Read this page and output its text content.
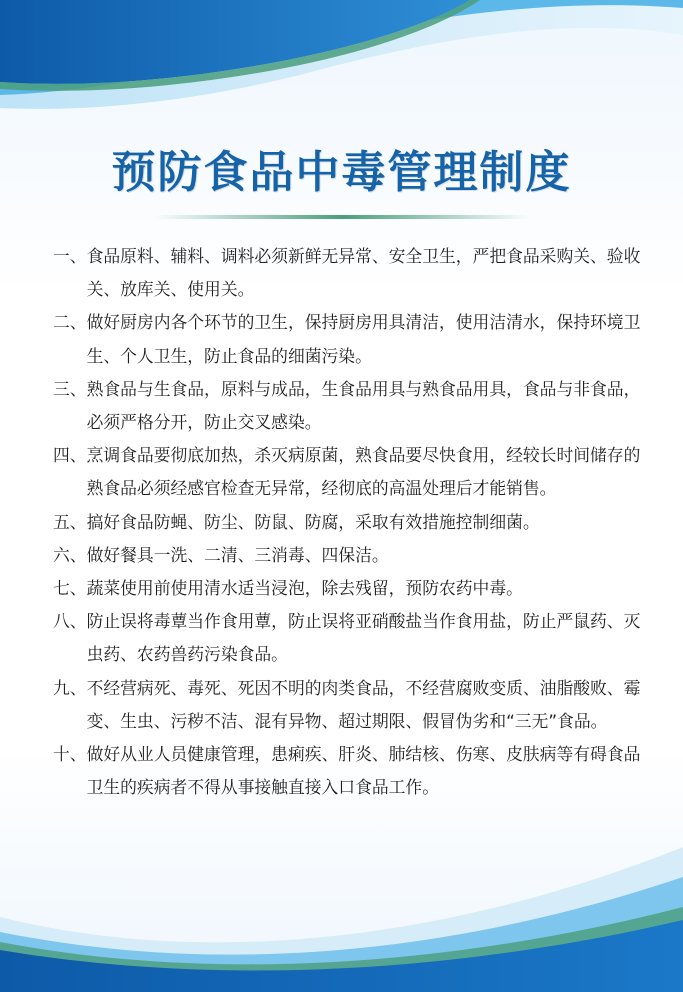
预防食品中毒管理制度
一、 食品原料、辅料、调料必须新鲜无异常、安全卫生，严把食品采购关、验收关、放库关、使用关。
二、 做好厨房内各个环节的卫生，保持厨房用具清洁，使用洁清水，保持环境卫生、个人卫生，防止食品的细菌污染。
三、 熟食品与生食品，原料与成品，生食品用具与熟食品用具，食品与非食品，必须严格分开，防止交叉感染。
四、 烹调食品要彻底加热，杀灭病原菌，熟食品要尽快食用，经较长时间储存的熟食品必须经感官检查无异常，经彻底的高温处理后才能销售。
五、 搞好食品防蝇、防尘、防鼠、防腐，采取有效措施控制细菌。
六、 做好餐具一洗、二清、三消毒、四保洁。
七、 蔬菜使用前使用清水适当浸泡，除去残留，预防农药中毒。
八、 防止误将毒蕈当作食用蕈，防止误将亚硝酸盐当作食用盐，防止严鼠药、灭虫药、农药兽药污染食品。
九、 不经营病死、毒死、死因不明的肉类食品，不经营腐败变质、油脂酸败、霉变、生虫、污秽不洁、混有异物、超过期限、假冒伪劣和“三无”食品。
十、 做好从业人员健康管理，患痢疾、肝炎、肺结核、伤寒、皮肤病等有碍食品卫生的疾病者不得从事接触直接入口食品工作。
